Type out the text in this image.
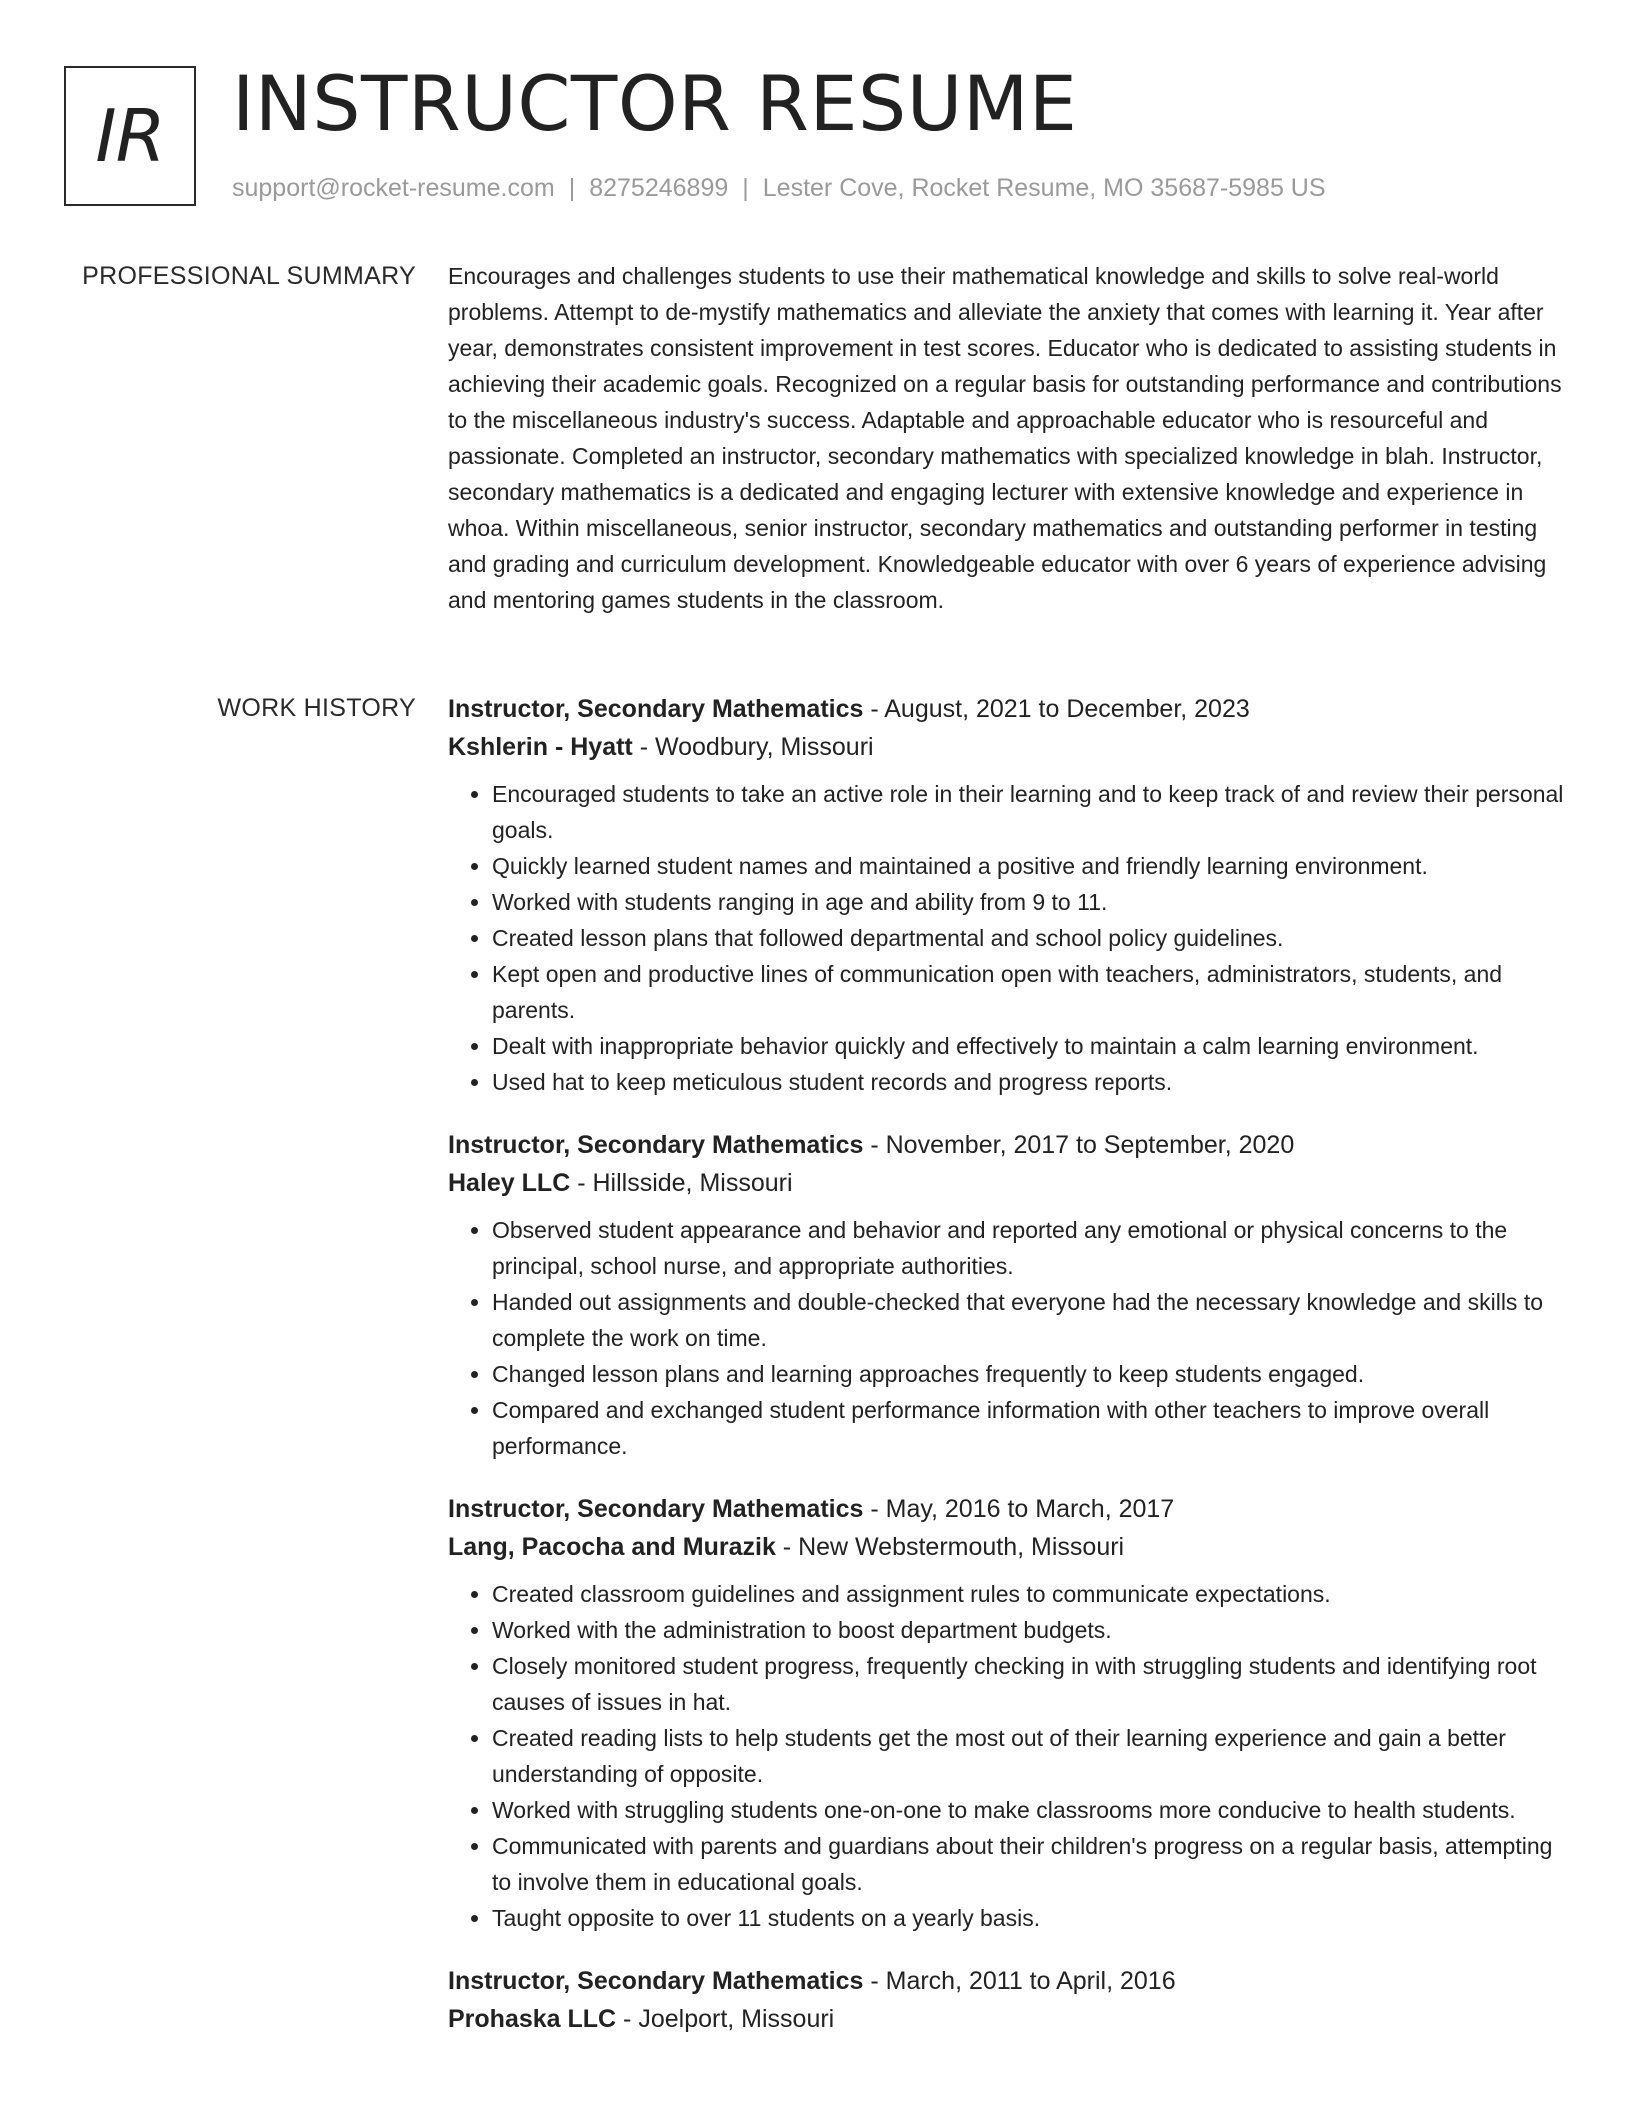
IR INSTRUCTOR RESUME
support@rocket-resume.com | 8275246899 | Lester Cove, Rocket Resume, MO 35687-5985 US
PROFESSIONAL SUMMARY Encourages and challenges students to use their mathematical knowledge and skills to solve real-world problems. Attempt to de-mystify mathematics and alleviate the anxiety that comes with learning it. Year after year, demonstrates consistent improvement in test scores. Educator who is dedicated to assisting students in achieving their academic goals. Recognized on a regular basis for outstanding performance and contributions to the miscellaneous industry's success. Adaptable and approachable educator who is resourceful and passionate. Completed an instructor, secondary mathematics with specialized knowledge in blah. Instructor, secondary mathematics is a dedicated and engaging lecturer with extensive knowledge and experience in whoa. Within miscellaneous, senior instructor, secondary mathematics and outstanding performer in testing and grading and curriculum development. Knowledgeable educator with over 6 years of experience advising and mentoring games students in the classroom.

WORK HISTORY Instructor, Secondary Mathematics - August, 2021 to December, 2023
Kshlerin - Hyatt - Woodbury, Missouri
• Encouraged students to take an active role in their learning and to keep track of and review their personal goals.
• Quickly learned student names and maintained a positive and friendly learning environment.
• Worked with students ranging in age and ability from 9 to 11.
• Created lesson plans that followed departmental and school policy guidelines.
• Kept open and productive lines of communication open with teachers, administrators, students, and parents.
• Dealt with inappropriate behavior quickly and effectively to maintain a calm learning environment.
• Used hat to keep meticulous student records and progress reports.
Instructor, Secondary Mathematics - November, 2017 to September, 2020
Haley LLC - Hillsside, Missouri
• Observed student appearance and behavior and reported any emotional or physical concerns to the principal, school nurse, and appropriate authorities.
• Handed out assignments and double-checked that everyone had the necessary knowledge and skills to complete the work on time.
• Changed lesson plans and learning approaches frequently to keep students engaged.
• Compared and exchanged student performance information with other teachers to improve overall performance.
Instructor, Secondary Mathematics - May, 2016 to March, 2017
Lang, Pacocha and Murazik - New Webstermouth, Missouri
• Created classroom guidelines and assignment rules to communicate expectations.
• Worked with the administration to boost department budgets.
• Closely monitored student progress, frequently checking in with struggling students and identifying root causes of issues in hat.
• Created reading lists to help students get the most out of their learning experience and gain a better understanding of opposite.
• Worked with struggling students one-on-one to make classrooms more conducive to health students.
• Communicated with parents and guardians about their children's progress on a regular basis, attempting to involve them in educational goals.
• Taught opposite to over 11 students on a yearly basis.
Instructor, Secondary Mathematics - March, 2011 to April, 2016
Prohaska LLC - Joelport, Missouri
